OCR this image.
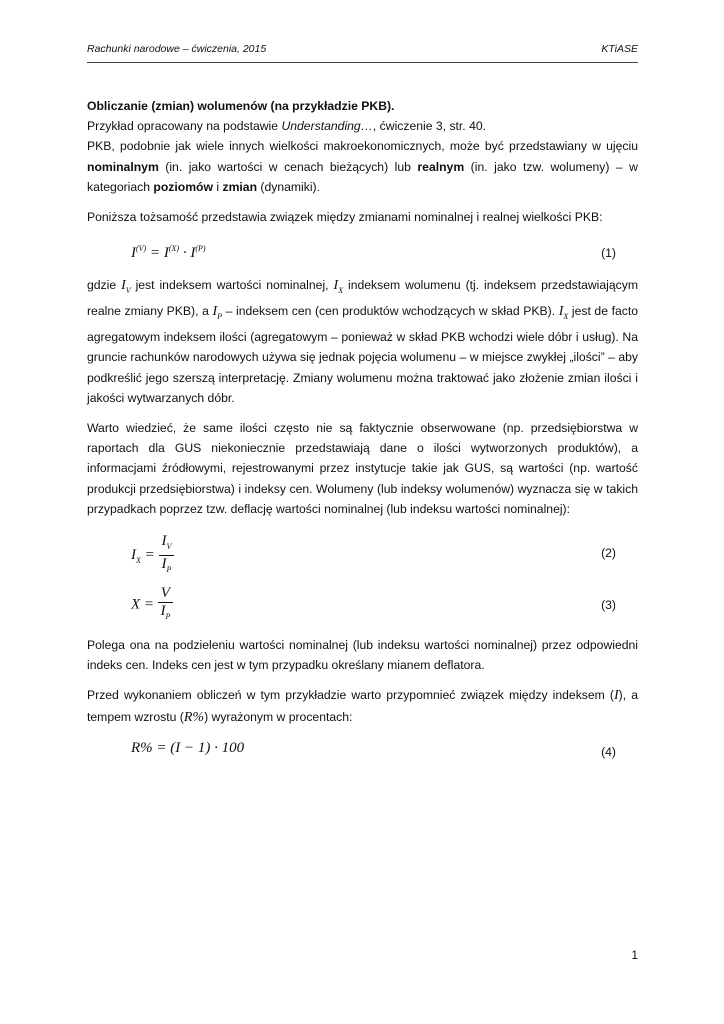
Rachunki narodowe – ćwiczenia, 2015	KTiASE

Obliczanie (zmian) wolumenów (na przykładzie PKB).

Przykład opracowany na podstawie Understanding…, ćwiczenie 3, str. 40.

PKB, podobnie jak wiele innych wielkości makroekonomicznych, może być przedstawiany w ujęciu nominalnym (in. jako wartości w cenach bieżących) lub realnym (in. jako tzw. wolumeny) – w kategoriach poziomów i zmian (dynamiki).

Poniższa tożsamość przedstawia związek między zmianami nominalnej i realnej wielkości PKB:

$I^{(V)} = I^{(X)} \cdot I^{(P)}$	(1)

gdzie $I_V$ jest indeksem wartości nominalnej, $I_X$ indeksem wolumenu (tj. indeksem przedstawiającym realne zmiany PKB), a $I_P$ – indeksem cen (cen produktów wchodzących w skład PKB). $I_X$ jest de facto agregatowym indeksem ilości (agregatowym – ponieważ w skład PKB wchodzi wiele dóbr i usług). Na gruncie rachunków narodowych używa się jednak pojęcia wolumenu – w miejsce zwykłej „ilości” – aby podkreślić jego szerszą interpretację. Zmiany wolumenu można traktować jako złożenie zmian ilości i jakości wytwarzanych dóbr.

Warto wiedzieć, że same ilości często nie są faktycznie obserwowane (np. przedsiębiorstwa w raportach dla GUS niekoniecznie przedstawiają dane o ilości wytworzonych produktów), a informacjami źródłowymi, rejestrowanymi przez instytucje takie jak GUS, są wartości (np. wartość produkcji przedsiębiorstwa) i indeksy cen. Wolumeny (lub indeksy wolumenów) wyznacza się w takich przypadkach poprzez tzw. deflację wartości nominalnej (lub indeksu wartości nominalnej):

$I_X = \frac{I_V}{I_P}$	(2)
$X = \frac{V}{I_P}$	(3)

Polega ona na podzieleniu wartości nominalnej (lub indeksu wartości nominalnej) przez odpowiedni indeks cen. Indeks cen jest w tym przypadku określany mianem deflatora.

Przed wykonaniem obliczeń w tym przykładzie warto przypomnieć związek między indeksem (I), a tempem wzrostu (R%) wyrażonym w procentach:

R% = (I − 1) · 100	(4)
1
